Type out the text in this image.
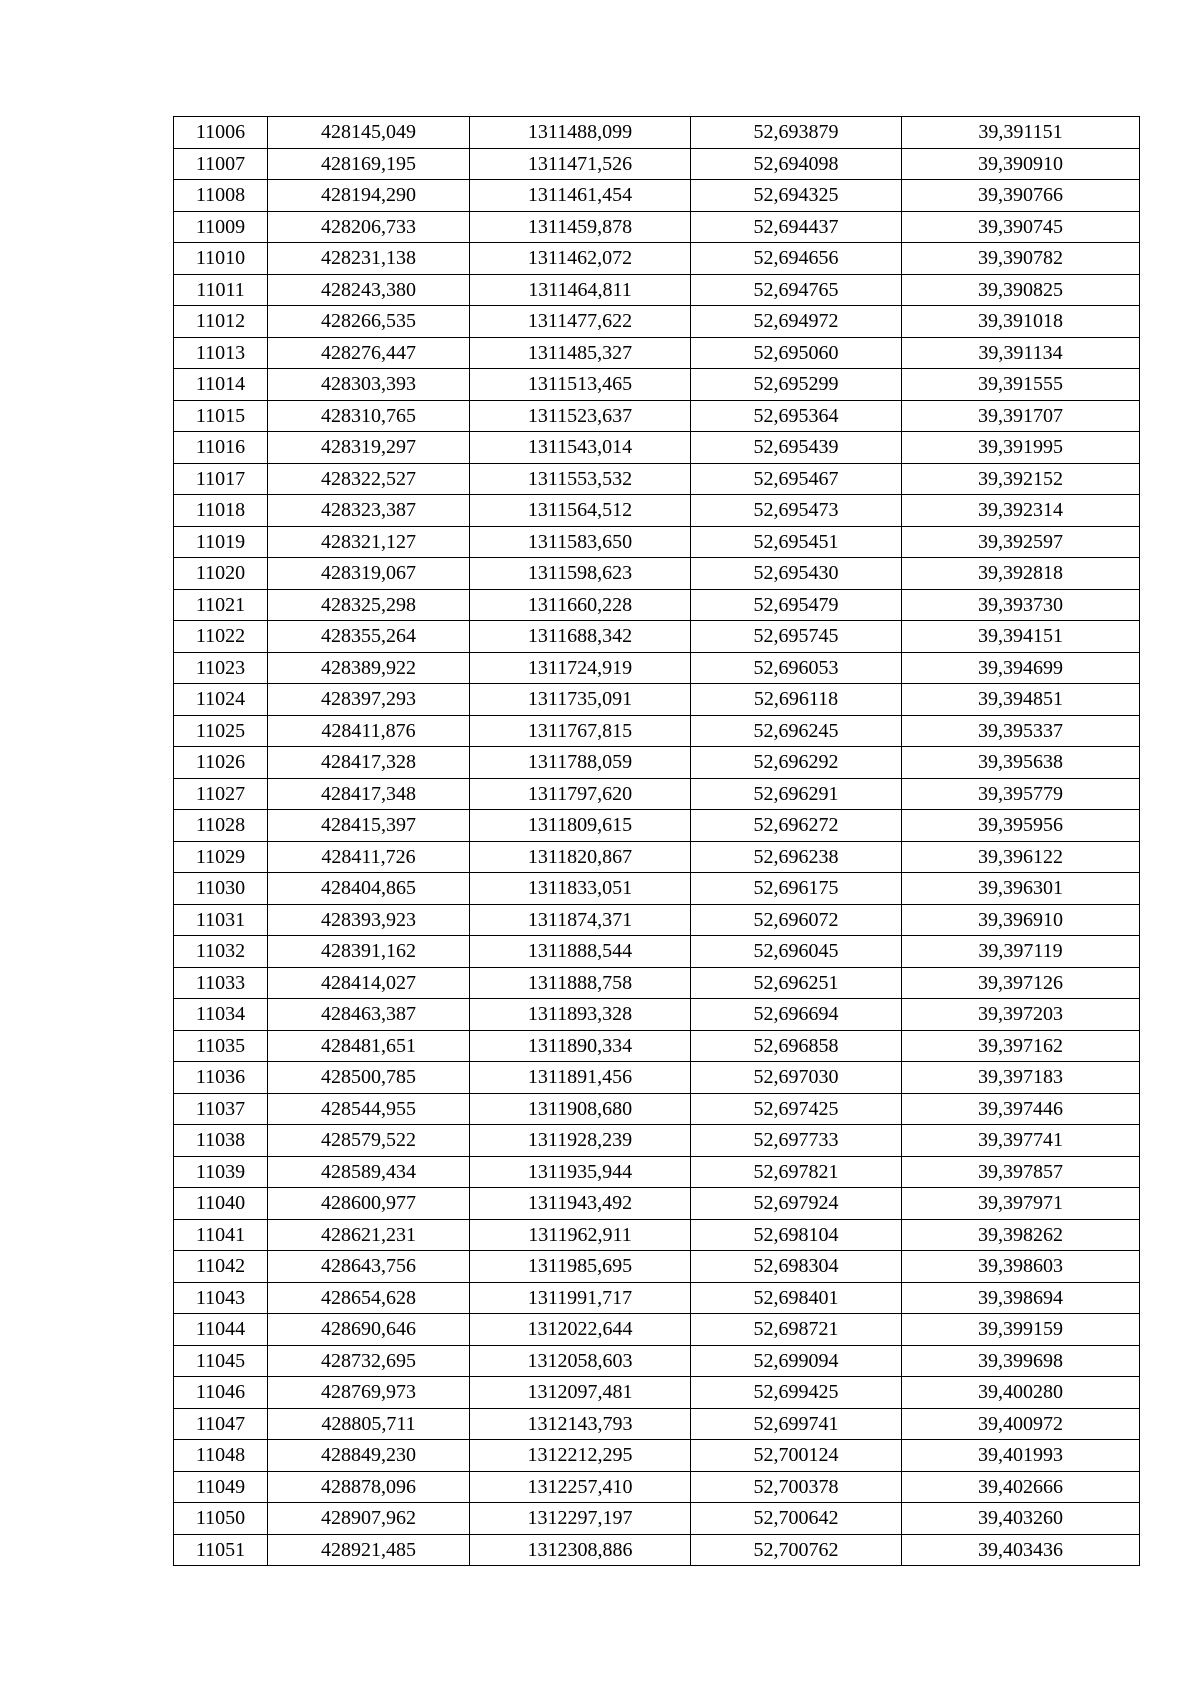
11006	428145,049	1311488,099	52,693879	39,391151
11007	428169,195	1311471,526	52,694098	39,390910
11008	428194,290	1311461,454	52,694325	39,390766
11009	428206,733	1311459,878	52,694437	39,390745
11010	428231,138	1311462,072	52,694656	39,390782
11011	428243,380	1311464,811	52,694765	39,390825
11012	428266,535	1311477,622	52,694972	39,391018
11013	428276,447	1311485,327	52,695060	39,391134
11014	428303,393	1311513,465	52,695299	39,391555
11015	428310,765	1311523,637	52,695364	39,391707
11016	428319,297	1311543,014	52,695439	39,391995
11017	428322,527	1311553,532	52,695467	39,392152
11018	428323,387	1311564,512	52,695473	39,392314
11019	428321,127	1311583,650	52,695451	39,392597
11020	428319,067	1311598,623	52,695430	39,392818
11021	428325,298	1311660,228	52,695479	39,393730
11022	428355,264	1311688,342	52,695745	39,394151
11023	428389,922	1311724,919	52,696053	39,394699
11024	428397,293	1311735,091	52,696118	39,394851
11025	428411,876	1311767,815	52,696245	39,395337
11026	428417,328	1311788,059	52,696292	39,395638
11027	428417,348	1311797,620	52,696291	39,395779
11028	428415,397	1311809,615	52,696272	39,395956
11029	428411,726	1311820,867	52,696238	39,396122
11030	428404,865	1311833,051	52,696175	39,396301
11031	428393,923	1311874,371	52,696072	39,396910
11032	428391,162	1311888,544	52,696045	39,397119
11033	428414,027	1311888,758	52,696251	39,397126
11034	428463,387	1311893,328	52,696694	39,397203
11035	428481,651	1311890,334	52,696858	39,397162
11036	428500,785	1311891,456	52,697030	39,397183
11037	428544,955	1311908,680	52,697425	39,397446
11038	428579,522	1311928,239	52,697733	39,397741
11039	428589,434	1311935,944	52,697821	39,397857
11040	428600,977	1311943,492	52,697924	39,397971
11041	428621,231	1311962,911	52,698104	39,398262
11042	428643,756	1311985,695	52,698304	39,398603
11043	428654,628	1311991,717	52,698401	39,398694
11044	428690,646	1312022,644	52,698721	39,399159
11045	428732,695	1312058,603	52,699094	39,399698
11046	428769,973	1312097,481	52,699425	39,400280
11047	428805,711	1312143,793	52,699741	39,400972
11048	428849,230	1312212,295	52,700124	39,401993
11049	428878,096	1312257,410	52,700378	39,402666
11050	428907,962	1312297,197	52,700642	39,403260
11051	428921,485	1312308,886	52,700762	39,403436
